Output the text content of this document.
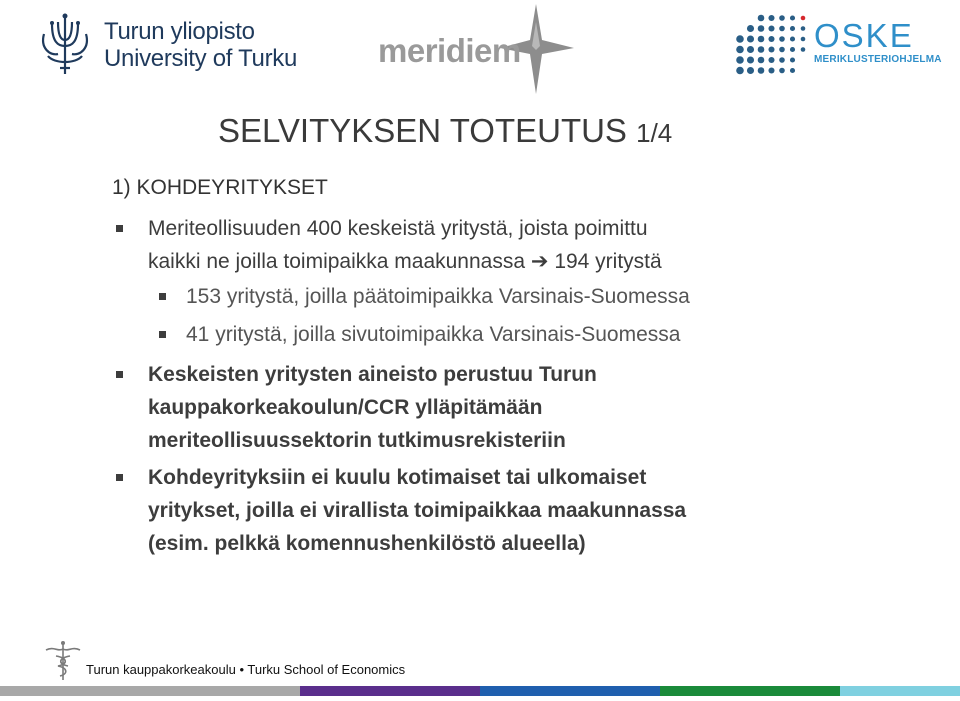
Turun yliopisto
University of Turku meridiem	OSKE
MERIKLUSTERIOHJELMA
SELVITYKSEN TOTEUTUS 1/4
1) KOHDEYRITYKSET

Meriteollisuuden 400 keskeistä yritystä, joista poimittu
kaikki ne joilla toimipaikka maakunnassa ➔ 194 yritystä

153 yritystä, joilla päätoimipaikka Varsinais-Suomessa

41 yritystä, joilla sivutoimipaikka Varsinais-Suomessa

Keskeisten yritysten aineisto perustuu Turun
kauppakorkeakoulun/CCR ylläpitämään
meriteollisuussektorin tutkimusrekisteriin

Kohdeyrityksiin ei kuulu kotimaiset tai ulkomaiset
yritykset, joilla ei virallista toimipaikkaa maakunnassa
(esim. pelkkä komennushenkilöstö alueella)

Turun kauppakorkeakoulu • Turku School of Economics
